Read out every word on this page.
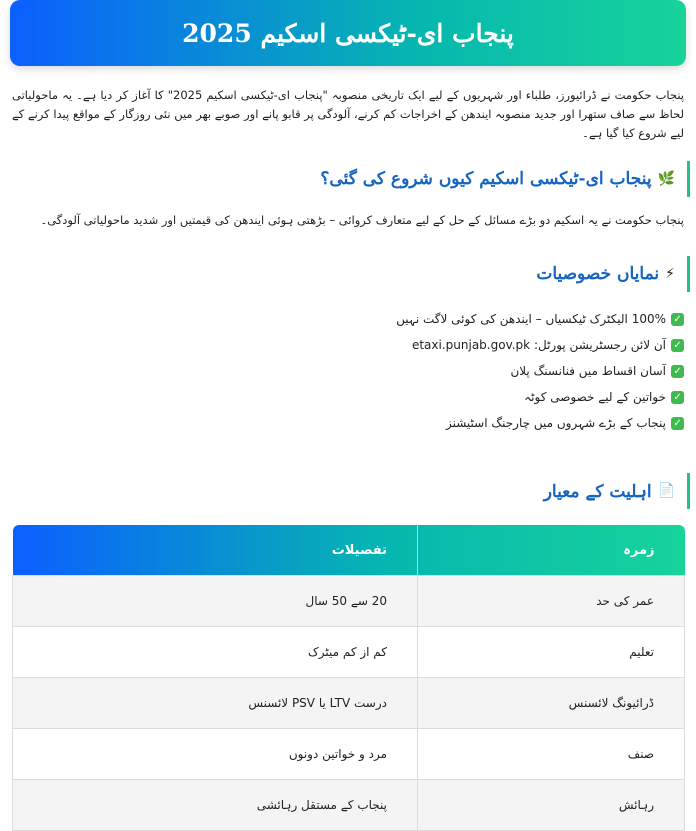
پنجاب ای-ٹیکسی اسکیم 2025

پنجاب حکومت نے ڈرائیورز، طلباء اور شہریوں کے لیے ایک تاریخی منصوبہ "پنجاب ای-ٹیکسی اسکیم 2025" کا آغاز کر دیا ہے۔ یہ ماحولیاتی لحاظ سے صاف ستھرا اور جدید منصوبہ ایندھن کے اخراجات کم کرنے، آلودگی پر قابو پانے اور صوبے بھر میں نئی روزگار کے مواقع پیدا کرنے کے لیے شروع کیا گیا ہے۔

🌿
پنجاب ای-ٹیکسی اسکیم کیوں شروع کی گئی؟

پنجاب حکومت نے یہ اسکیم دو بڑے مسائل کے حل کے لیے متعارف کروائی – بڑھتی ہوئی ایندھن کی قیمتیں اور شدید ماحولیاتی آلودگی۔

⚡
نمایاں خصوصیات
✓
100% الیکٹرک ٹیکسیاں – ایندھن کی کوئی لاگت نہیں
✓
آن لائن رجسٹریشن پورٹل: etaxi.punjab.gov.pk
✓
آسان اقساط میں فنانسنگ پلان
✓
خواتین کے لیے خصوصی کوٹہ
✓
پنجاب کے بڑے شہروں میں چارجنگ اسٹیشنز
📄
اہلیت کے معیار
زمرہ	تفصیلات
عمر کی حد	20 سے 50 سال
تعلیم	کم از کم میٹرک
ڈرائیونگ لائسنس	درست LTV یا PSV لائسنس
صنف	مرد و خواتین دونوں
رہائش	پنجاب کے مستقل رہائشی
